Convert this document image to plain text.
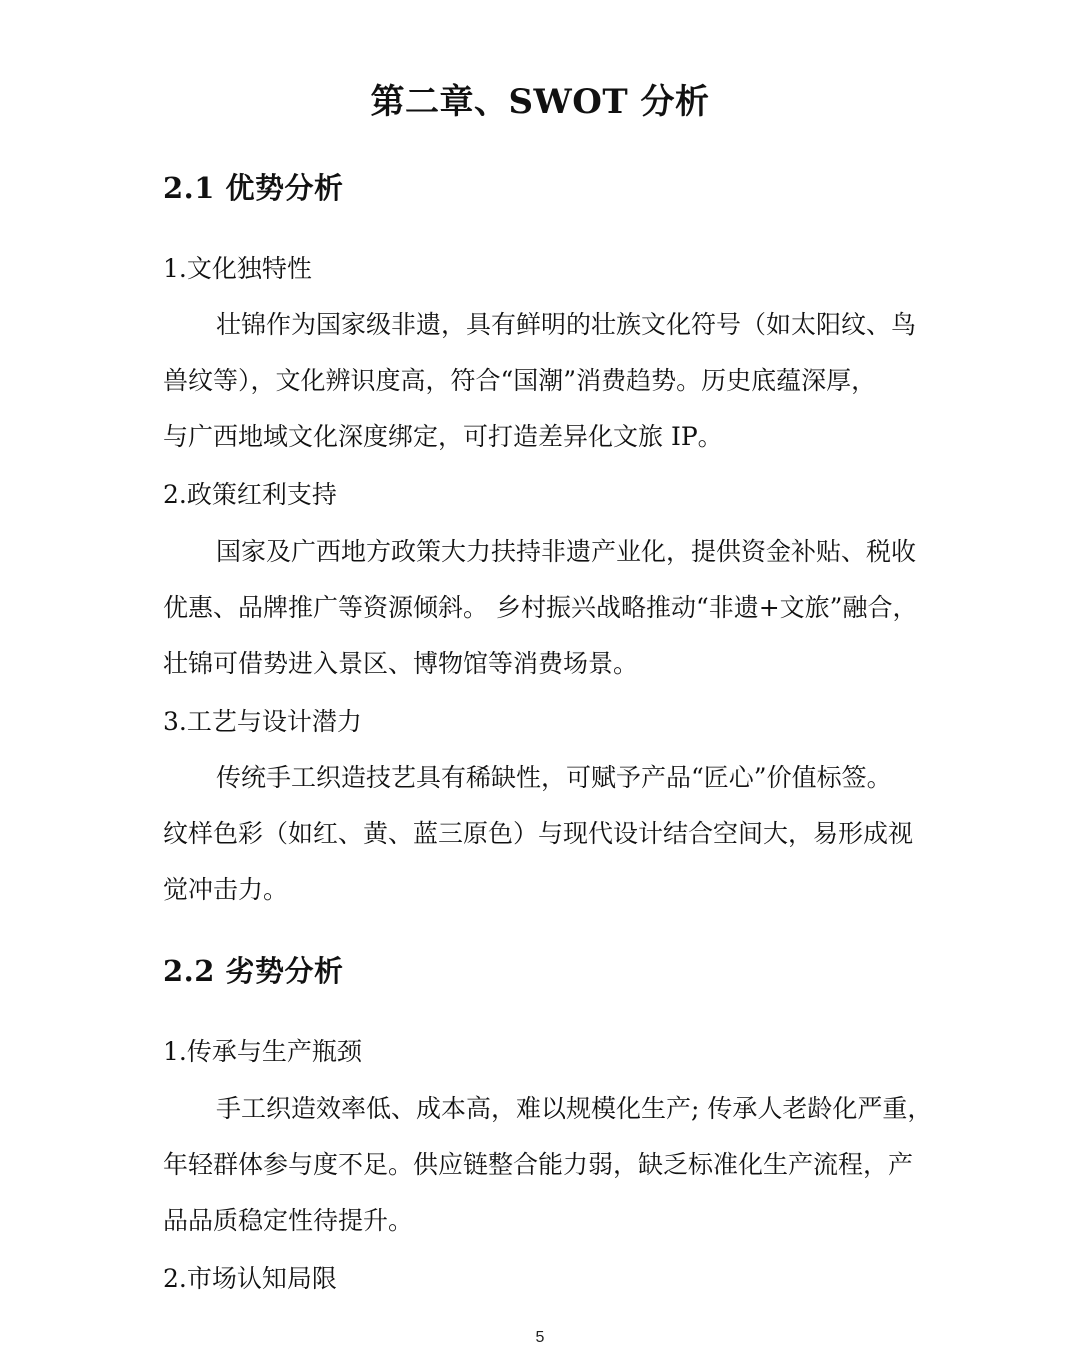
第二章、SWOT 分析
2.1 优势分析
1.文化独特性
壮锦作为国家级非遗，具有鲜明的壮族文化符号（如太阳纹、鸟
兽纹等），文化辨识度高，符合“国潮”消费趋势。历史底蕴深厚，
与广西地域文化深度绑定，可打造差异化文旅 IP。
2.政策红利支持
国家及广西地方政策大力扶持非遗产业化，提供资金补贴、税收
优惠、品牌推广等资源倾斜。 乡村振兴战略推动“非遗+文旅”融合，
壮锦可借势进入景区、博物馆等消费场景。
3.工艺与设计潜力
传统手工织造技艺具有稀缺性，可赋予产品“匠心”价值标签。
纹样色彩（如红、黄、蓝三原色）与现代设计结合空间大，易形成视
觉冲击力。
2.2 劣势分析
1.传承与生产瓶颈
手工织造效率低、成本高，难以规模化生产; 传承人老龄化严重，
年轻群体参与度不足。供应链整合能力弱，缺乏标准化生产流程，产
品品质稳定性待提升。
2.市场认知局限
5
